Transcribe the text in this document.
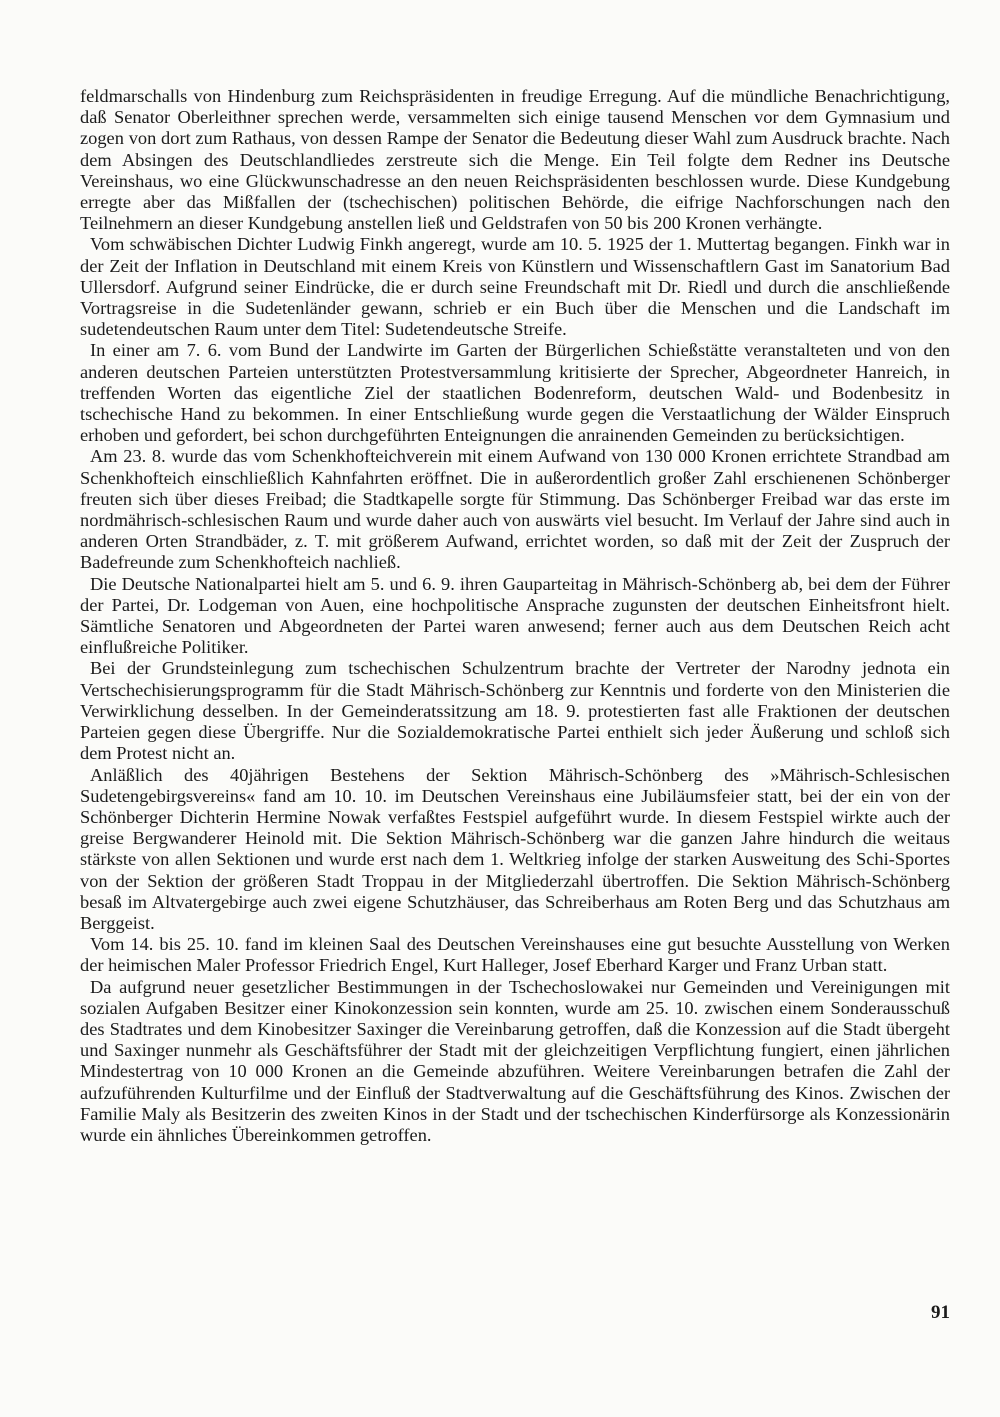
feldmarschalls von Hindenburg zum Reichspräsidenten in freudige Erregung. Auf die mündliche Benachrichtigung, daß Senator Oberleithner sprechen werde, versammelten sich einige tausend Menschen vor dem Gymnasium und zogen von dort zum Rathaus, von dessen Rampe der Senator die Bedeutung dieser Wahl zum Ausdruck brachte. Nach dem Absingen des Deutschlandliedes zerstreute sich die Menge. Ein Teil folgte dem Redner ins Deutsche Vereinshaus, wo eine Glückwunschadresse an den neuen Reichspräsidenten beschlossen wurde. Diese Kundgebung erregte aber das Mißfallen der (tschechischen) politischen Behörde, die eifrige Nachforschungen nach den Teilnehmern an dieser Kundgebung anstellen ließ und Geldstrafen von 50 bis 200 Kronen verhängte.

Vom schwäbischen Dichter Ludwig Finkh angeregt, wurde am 10. 5. 1925 der 1. Muttertag begangen. Finkh war in der Zeit der Inflation in Deutschland mit einem Kreis von Künstlern und Wissenschaftlern Gast im Sanatorium Bad Ullersdorf. Aufgrund seiner Eindrücke, die er durch seine Freundschaft mit Dr. Riedl und durch die anschließende Vortragsreise in die Sudetenländer gewann, schrieb er ein Buch über die Menschen und die Landschaft im sudetendeutschen Raum unter dem Titel: Sudetendeutsche Streife.

In einer am 7. 6. vom Bund der Landwirte im Garten der Bürgerlichen Schießstätte veranstalteten und von den anderen deutschen Parteien unterstützten Protestversammlung kritisierte der Sprecher, Abgeordneter Hanreich, in treffenden Worten das eigentliche Ziel der staatlichen Bodenreform, deutschen Wald- und Bodenbesitz in tschechische Hand zu bekommen. In einer Entschließung wurde gegen die Verstaatlichung der Wälder Einspruch erhoben und gefordert, bei schon durchgeführten Enteignungen die anrainenden Gemeinden zu berücksichtigen.

Am 23. 8. wurde das vom Schenkhofteichverein mit einem Aufwand von 130 000 Kronen errichtete Strandbad am Schenkhofteich einschließlich Kahnfahrten eröffnet. Die in außerordentlich großer Zahl erschienenen Schönberger freuten sich über dieses Freibad; die Stadtkapelle sorgte für Stimmung. Das Schönberger Freibad war das erste im nordmährisch-schlesischen Raum und wurde daher auch von auswärts viel besucht. Im Verlauf der Jahre sind auch in anderen Orten Strandbäder, z. T. mit größerem Aufwand, errichtet worden, so daß mit der Zeit der Zuspruch der Badefreunde zum Schenkhofteich nachließ.

Die Deutsche Nationalpartei hielt am 5. und 6. 9. ihren Gauparteitag in Mährisch-Schönberg ab, bei dem der Führer der Partei, Dr. Lodgeman von Auen, eine hochpolitische Ansprache zugunsten der deutschen Einheitsfront hielt. Sämtliche Senatoren und Abgeordneten der Partei waren anwesend; ferner auch aus dem Deutschen Reich acht einflußreiche Politiker.

Bei der Grundsteinlegung zum tschechischen Schulzentrum brachte der Vertreter der Narodny jednota ein Vertschechisierungsprogramm für die Stadt Mährisch-Schönberg zur Kenntnis und forderte von den Ministerien die Verwirklichung desselben. In der Gemeinderatssitzung am 18. 9. protestierten fast alle Fraktionen der deutschen Parteien gegen diese Übergriffe. Nur die Sozialdemokratische Partei enthielt sich jeder Äußerung und schloß sich dem Protest nicht an.

Anläßlich des 40jährigen Bestehens der Sektion Mährisch-Schönberg des »Mährisch-Schlesischen Sudetengebirgsvereins« fand am 10. 10. im Deutschen Vereinshaus eine Jubiläumsfeier statt, bei der ein von der Schönberger Dichterin Hermine Nowak verfaßtes Festspiel aufgeführt wurde. In diesem Festspiel wirkte auch der greise Bergwanderer Heinold mit. Die Sektion Mährisch-Schönberg war die ganzen Jahre hindurch die weitaus stärkste von allen Sektionen und wurde erst nach dem 1. Weltkrieg infolge der starken Ausweitung des Schi-Sportes von der Sektion der größeren Stadt Troppau in der Mitgliederzahl übertroffen. Die Sektion Mährisch-Schönberg besaß im Altvatergebirge auch zwei eigene Schutzhäuser, das Schreiberhaus am Roten Berg und das Schutzhaus am Berggeist.

Vom 14. bis 25. 10. fand im kleinen Saal des Deutschen Vereinshauses eine gut besuchte Ausstellung von Werken der heimischen Maler Professor Friedrich Engel, Kurt Halleger, Josef Eberhard Karger und Franz Urban statt.

Da aufgrund neuer gesetzlicher Bestimmungen in der Tschechoslowakei nur Gemeinden und Vereinigungen mit sozialen Aufgaben Besitzer einer Kinokonzession sein konnten, wurde am 25. 10. zwischen einem Sonderausschuß des Stadtrates und dem Kinobesitzer Saxinger die Vereinbarung getroffen, daß die Konzession auf die Stadt übergeht und Saxinger nunmehr als Geschäftsführer der Stadt mit der gleichzeitigen Verpflichtung fungiert, einen jährlichen Mindestertrag von 10 000 Kronen an die Gemeinde abzuführen. Weitere Vereinbarungen betrafen die Zahl der aufzuführenden Kulturfilme und der Einfluß der Stadtverwaltung auf die Geschäftsführung des Kinos. Zwischen der Familie Maly als Besitzerin des zweiten Kinos in der Stadt und der tschechischen Kinderfürsorge als Konzessionärin wurde ein ähnliches Übereinkommen getroffen.

91
